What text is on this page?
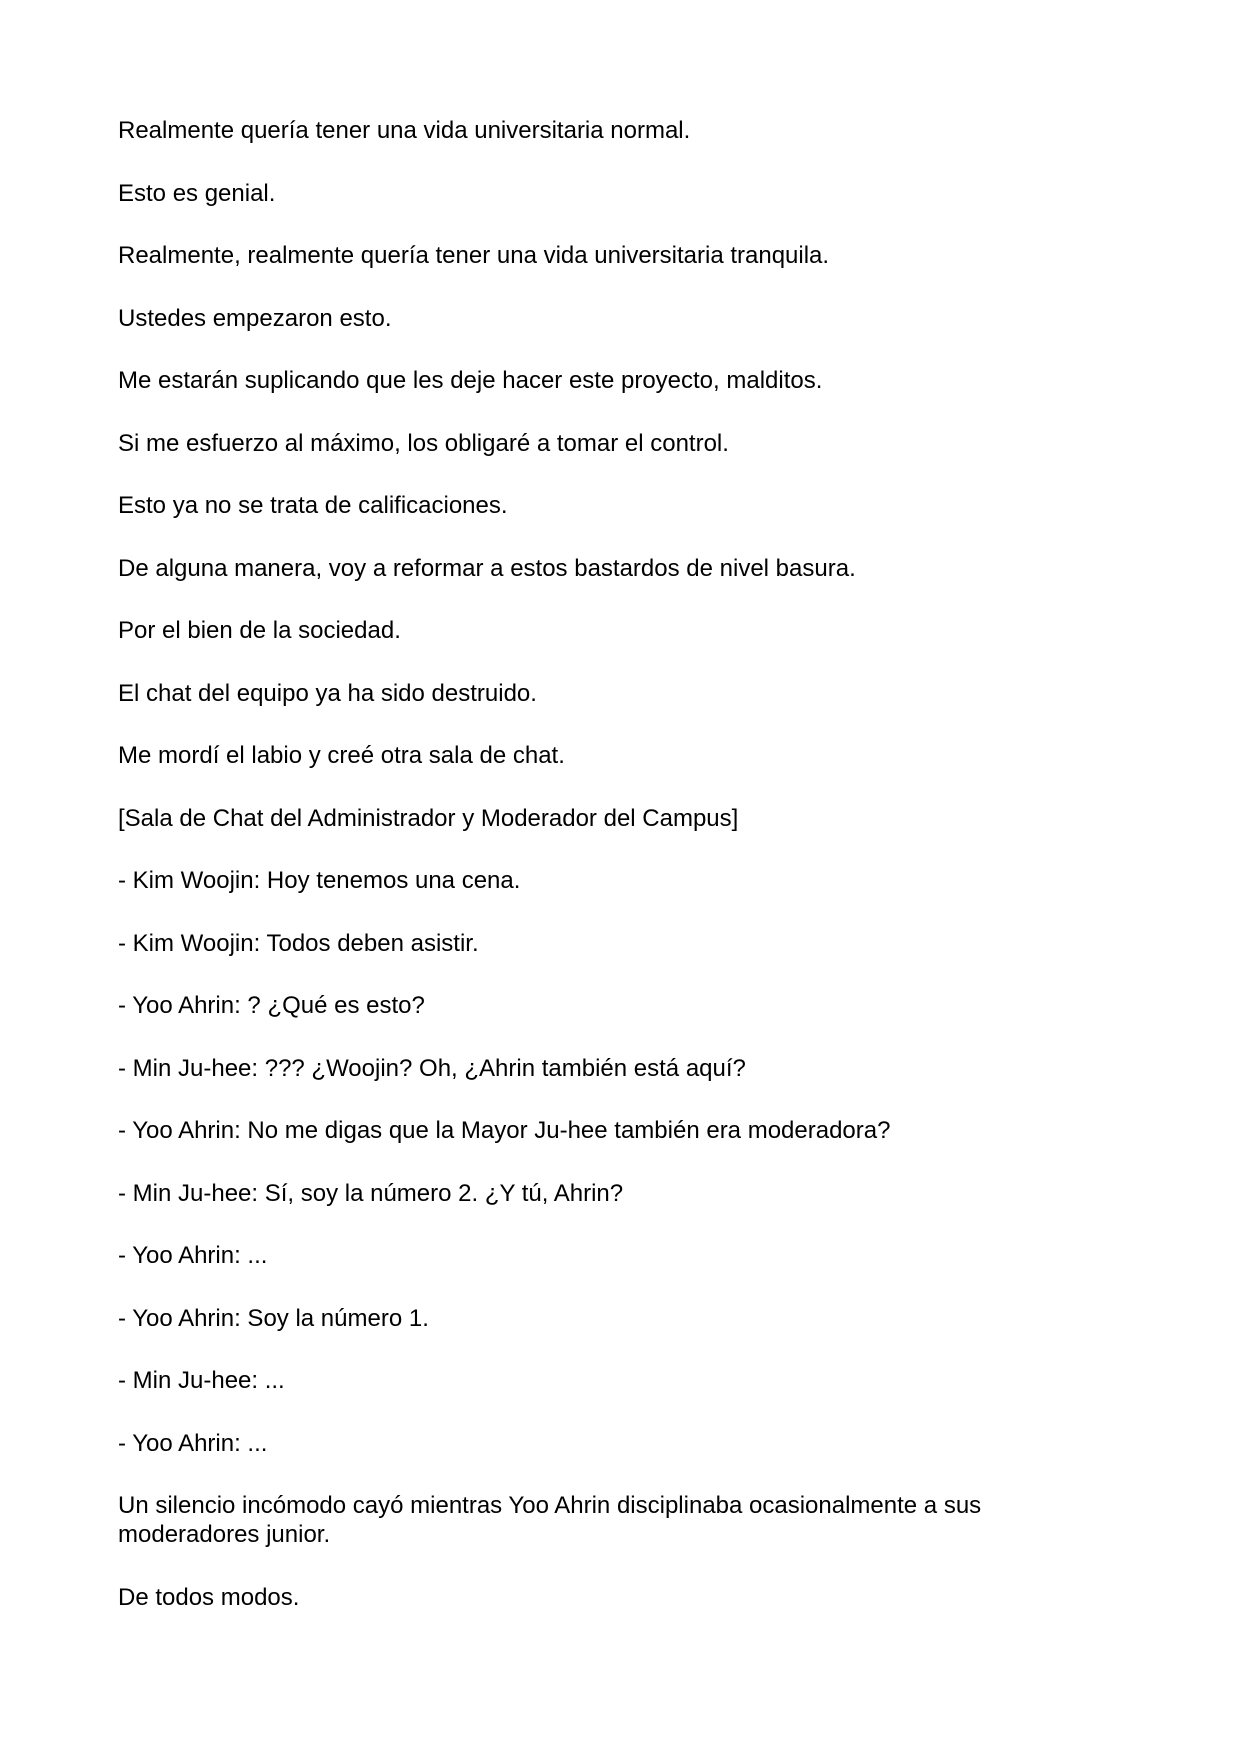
Realmente quería tener una vida universitaria normal.

Esto es genial.

Realmente, realmente quería tener una vida universitaria tranquila.

Ustedes empezaron esto.

Me estarán suplicando que les deje hacer este proyecto, malditos.

Si me esfuerzo al máximo, los obligaré a tomar el control.

Esto ya no se trata de calificaciones.

De alguna manera, voy a reformar a estos bastardos de nivel basura.

Por el bien de la sociedad.

El chat del equipo ya ha sido destruido.

Me mordí el labio y creé otra sala de chat.

[Sala de Chat del Administrador y Moderador del Campus]

- Kim Woojin: Hoy tenemos una cena.

- Kim Woojin: Todos deben asistir.

- Yoo Ahrin: ? ¿Qué es esto?

- Min Ju-hee: ??? ¿Woojin? Oh, ¿Ahrin también está aquí?

- Yoo Ahrin: No me digas que la Mayor Ju-hee también era moderadora?

- Min Ju-hee: Sí, soy la número 2. ¿Y tú, Ahrin?

- Yoo Ahrin: ...

- Yoo Ahrin: Soy la número 1.

- Min Ju-hee: ...

- Yoo Ahrin: ...

Un silencio incómodo cayó mientras Yoo Ahrin disciplinaba ocasionalmente a sus moderadores junior.

De todos modos.
